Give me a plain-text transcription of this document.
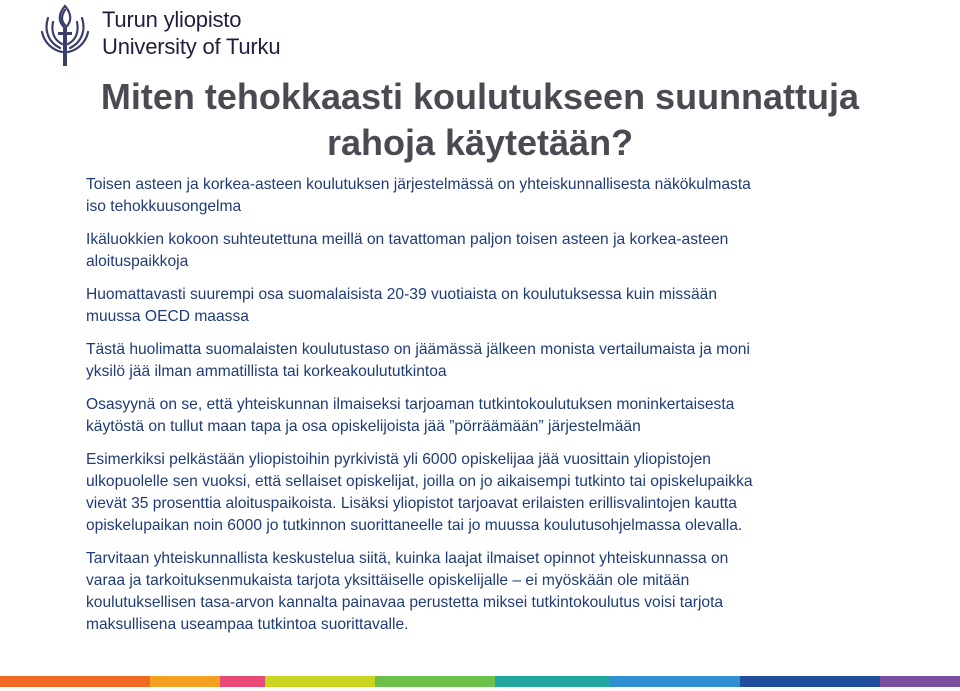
Turun yliopisto
University of Turku
Miten tehokkaasti koulutukseen suunnattuja
rahoja käytetään?
Toisen asteen ja korkea-asteen koulutuksen järjestelmässä on yhteiskunnallisesta näkökulmasta
iso tehokkuusongelma
Ikäluokkien kokoon suhteutettuna meillä on tavattoman paljon toisen asteen ja korkea-asteen
aloituspaikkoja
Huomattavasti suurempi osa suomalaisista 20-39 vuotiaista on koulutuksessa kuin missään
muussa OECD maassa
Tästä huolimatta suomalaisten koulutustaso on jäämässä jälkeen monista vertailumaista ja moni
yksilö jää ilman ammatillista tai korkeakoulututkintoa
Osasyynä on se, että yhteiskunnan ilmaiseksi tarjoaman tutkintokoulutuksen moninkertaisesta
käytöstä on tullut maan tapa ja osa opiskelijoista jää ”pörräämään” järjestelmään
Esimerkiksi pelkästään yliopistoihin pyrkivistä yli 6000 opiskelijaa jää vuosittain yliopistojen
ulkopuolelle sen vuoksi, että sellaiset opiskelijat, joilla on jo aikaisempi tutkinto tai opiskelupaikka
vievät 35 prosenttia aloituspaikoista. Lisäksi yliopistot tarjoavat erilaisten erillisvalintojen kautta
opiskelupaikan noin 6000 jo tutkinnon suorittaneelle tai jo muussa koulutusohjelmassa olevalla.
Tarvitaan yhteiskunnallista keskustelua siitä, kuinka laajat ilmaiset opinnot yhteiskunnassa on
varaa ja tarkoituksenmukaista tarjota yksittäiselle opiskelijalle – ei myöskään ole mitään
koulutuksellisen tasa-arvon kannalta painavaa perustetta miksei tutkintokoulutus voisi tarjota
maksullisena useampaa tutkintoa suorittavalle.
